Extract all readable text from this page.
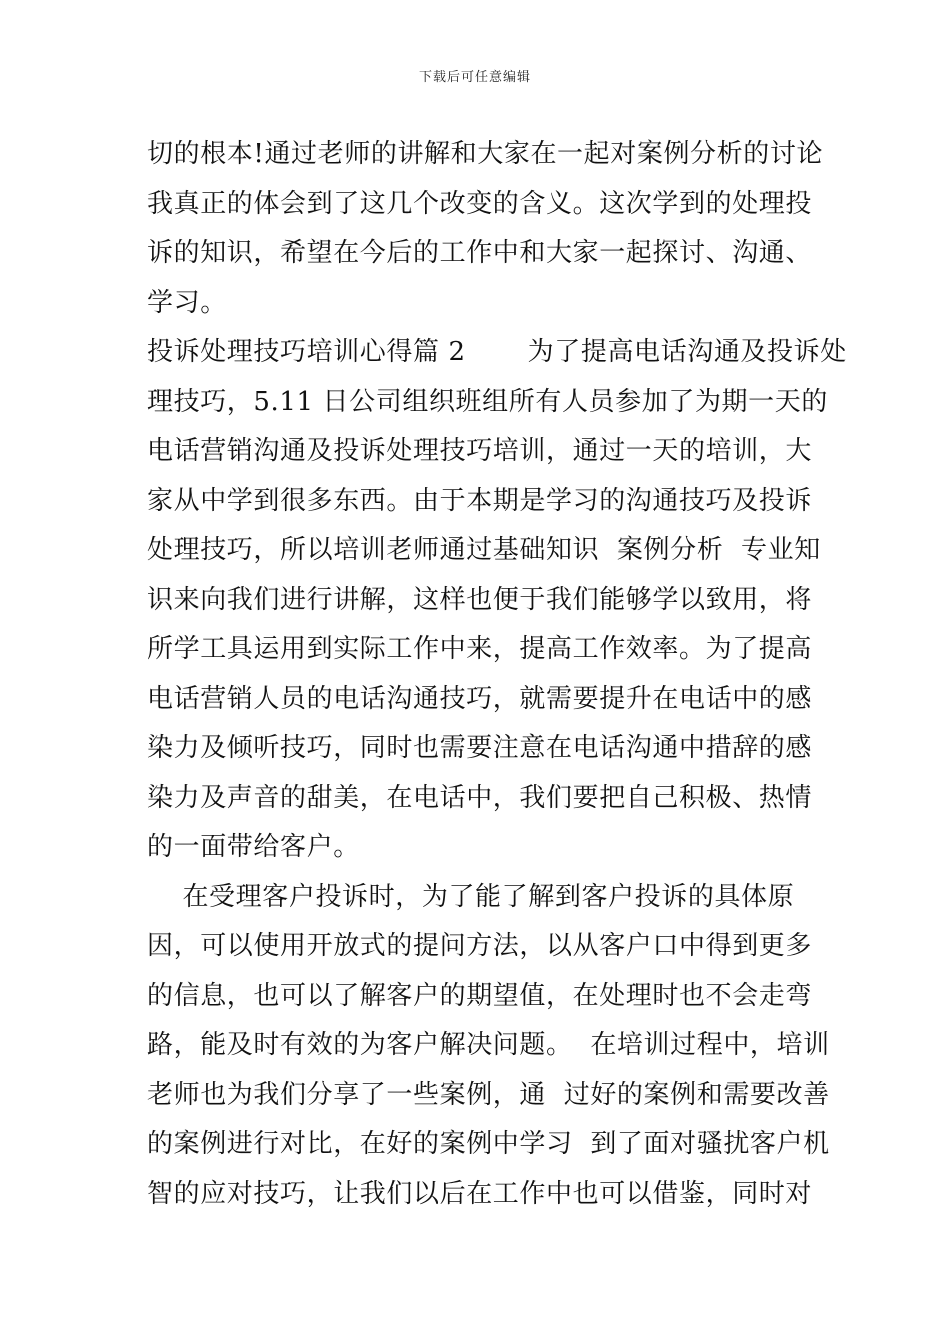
下载后可任意编辑
切的根本!通过老师的讲解和大家在一起对案例分析的讨论
我真正的体会到了这几个改变的含义。这次学到的处理投
诉的知识，希望在今后的工作中和大家一起探讨、沟通、
学习。
投诉处理技巧培训心得篇 2       为了提高电话沟通及投诉处
理技巧，5.11 日公司组织班组所有人员参加了为期一天的
电话营销沟通及投诉处理技巧培训，通过一天的培训，大
家从中学到很多东西。由于本期是学习的沟通技巧及投诉
处理技巧，所以培训老师通过基础知识  案例分析  专业知
识来向我们进行讲解，这样也便于我们能够学以致用，将
所学工具运用到实际工作中来，提高工作效率。为了提高
电话营销人员的电话沟通技巧，就需要提升在电话中的感
染力及倾听技巧，同时也需要注意在电话沟通中措辞的感
染力及声音的甜美，在电话中，我们要把自己积极、热情
的一面带给客户。
在受理客户投诉时，为了能了解到客户投诉的具体原
因，可以使用开放式的提问方法，以从客户口中得到更多
的信息，也可以了解客户的期望值，在处理时也不会走弯
路，能及时有效的为客户解决问题。  在培训过程中，培训
老师也为我们分享了一些案例，通  过好的案例和需要改善
的案例进行对比，在好的案例中学习  到了面对骚扰客户机
智的应对技巧，让我们以后在工作中也可以借鉴，同时对
